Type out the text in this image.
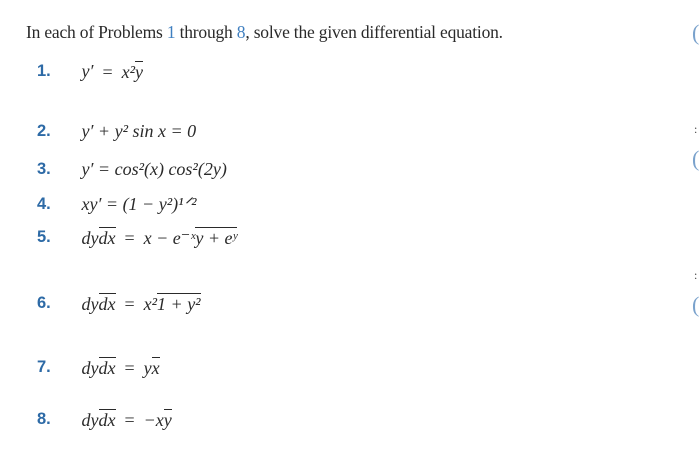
In each of Problems 1 through 8, solve the given differential equation.	(
:
(
:
(
1. y′ = x²y
2. y′ + y² sin x = 0
3. y′ = cos²(x) cos²(2y)
4. xy′ = (1 − y²)¹ᐟ²
5. dydx = x − e⁻ˣy + eʸ
6. dydx = x²1 + y²
7. dydx = yx
8. dydx = −xy
